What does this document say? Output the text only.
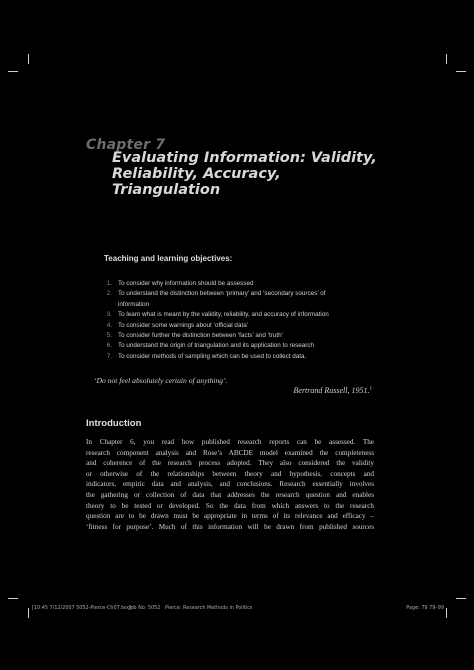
Chapter 7
Evaluating Information: Validity,
Reliability, Accuracy,
Triangulation
Teaching and learning objectives:
1. To consider why information should be assessed
2. To understand the distinction between ‘primary’ and ‘secondary sources’ of
information
3. To learn what is meant by the validity, reliability, and accuracy of information
4. To consider some warnings about ‘official data’
5. To consider further the distinction between ‘facts’ and ‘truth’
6. To understand the origin of triangulation and its application to research
7. To consider methods of sampling which can be used to collect data.
‘Do not feel absolutely certain of anything’.
Bertrand Russell, 1951.$^1$
Introduction
In Chapter 6, you read how published research reports can be assessed. The
research component analysis and Rose’s ABCDE model examined the completeness
and coherence of the research process adopted. They also considered the validity
or otherwise of the relationships between theory and hypothesis, concepts and
indicators, empiric data and analysis, and conclusions. Research essentially involves
the gathering or collection of data that addresses the research question and enables
theory to be tested or developed. So the data from which answers to the research
question are to be drawn must be appropriate in terms of its relevance and efficacy –
‘fitness for purpose’. Much of this information will be drawn from published sources
[10:45 7/12/2007 5052-Pierce-Ch07.tex]
Job No: 5052 Pierce: Research Methods in Politics	Page: 79 79–99
